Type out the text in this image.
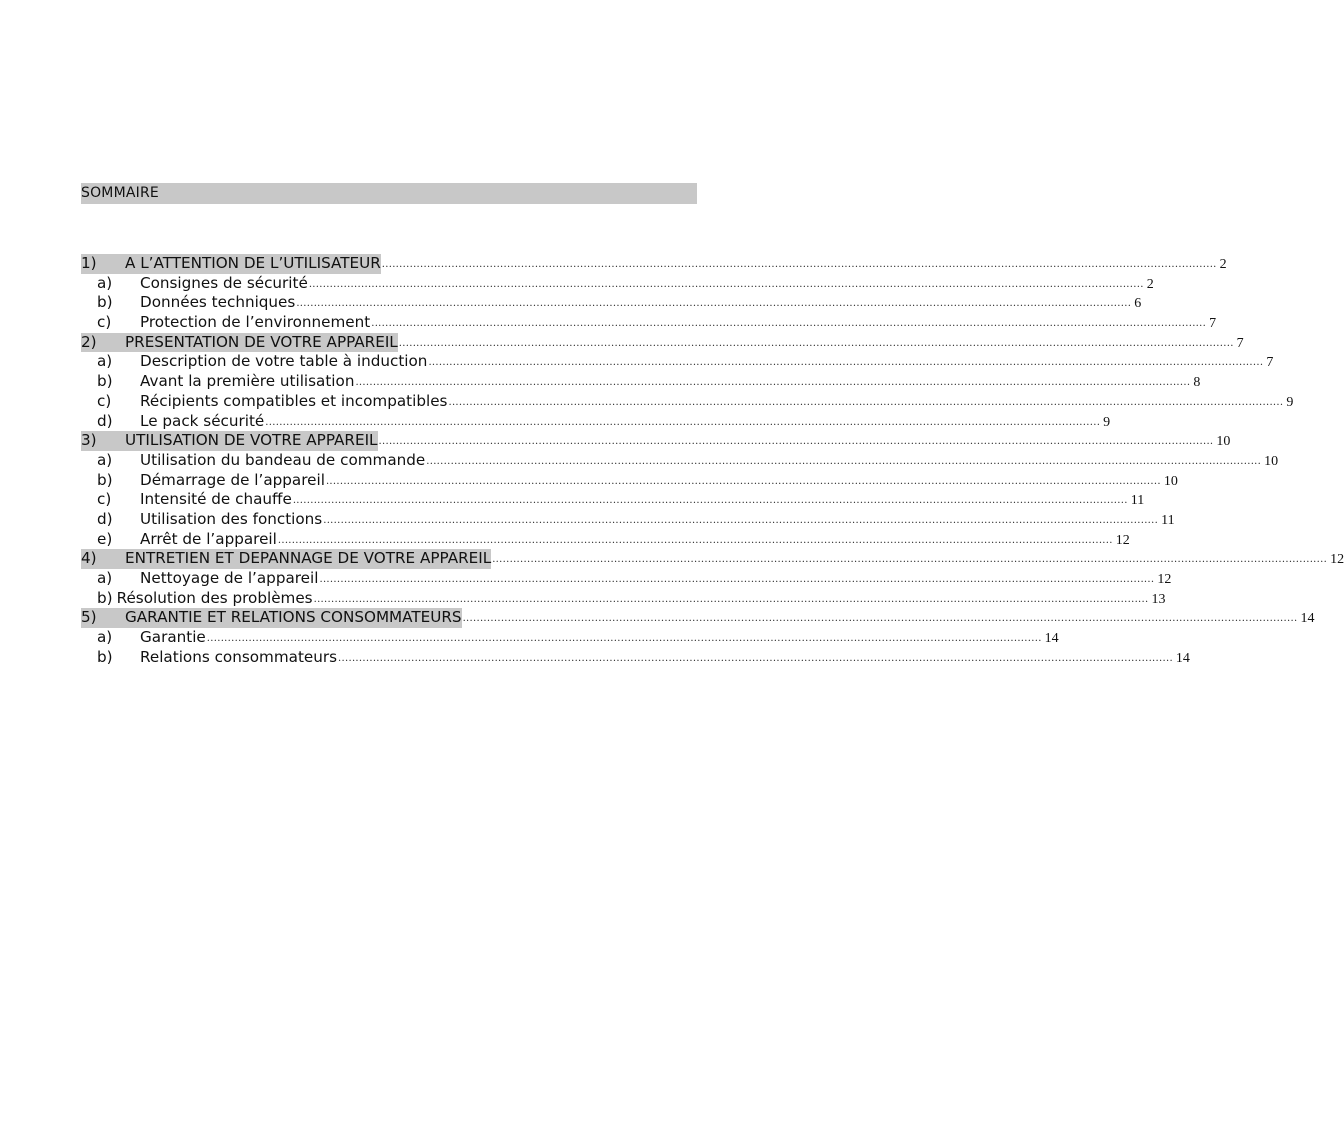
SOMMAIRE
1)	A L’ATTENTION DE L’UTILISATEUR ................................................................................................................................................................................................................................................ 2
a)	Consignes de sécurité ................................................................................................................................................................................................................................................ 2
b)	Données techniques ................................................................................................................................................................................................................................................ 6
c)	Protection de l’environnement ................................................................................................................................................................................................................................................ 7
2)	PRESENTATION DE VOTRE APPAREIL ................................................................................................................................................................................................................................................ 7
a)	Description de votre table à induction ................................................................................................................................................................................................................................................ 7
b)	Avant la première utilisation ................................................................................................................................................................................................................................................ 8
c)	Récipients compatibles et incompatibles ................................................................................................................................................................................................................................................ 9
d)	Le pack sécurité ................................................................................................................................................................................................................................................ 9
3)	UTILISATION DE VOTRE APPAREIL ................................................................................................................................................................................................................................................ 10
a)	Utilisation du bandeau de commande ................................................................................................................................................................................................................................................ 10
b)	Démarrage de l’appareil ................................................................................................................................................................................................................................................ 10
c)	Intensité de chauffe ................................................................................................................................................................................................................................................ 11
d)	Utilisation des fonctions ................................................................................................................................................................................................................................................ 11
e)	Arrêt de l’appareil ................................................................................................................................................................................................................................................ 12
4)	ENTRETIEN ET DEPANNAGE DE VOTRE APPAREIL ................................................................................................................................................................................................................................................ 12
a)	Nettoyage de l’appareil ................................................................................................................................................................................................................................................ 12
b) Résolution des problèmes ................................................................................................................................................................................................................................................ 13
5)	GARANTIE ET RELATIONS CONSOMMATEURS ................................................................................................................................................................................................................................................ 14
a)	Garantie ................................................................................................................................................................................................................................................ 14
b)	Relations consommateurs ................................................................................................................................................................................................................................................ 14
